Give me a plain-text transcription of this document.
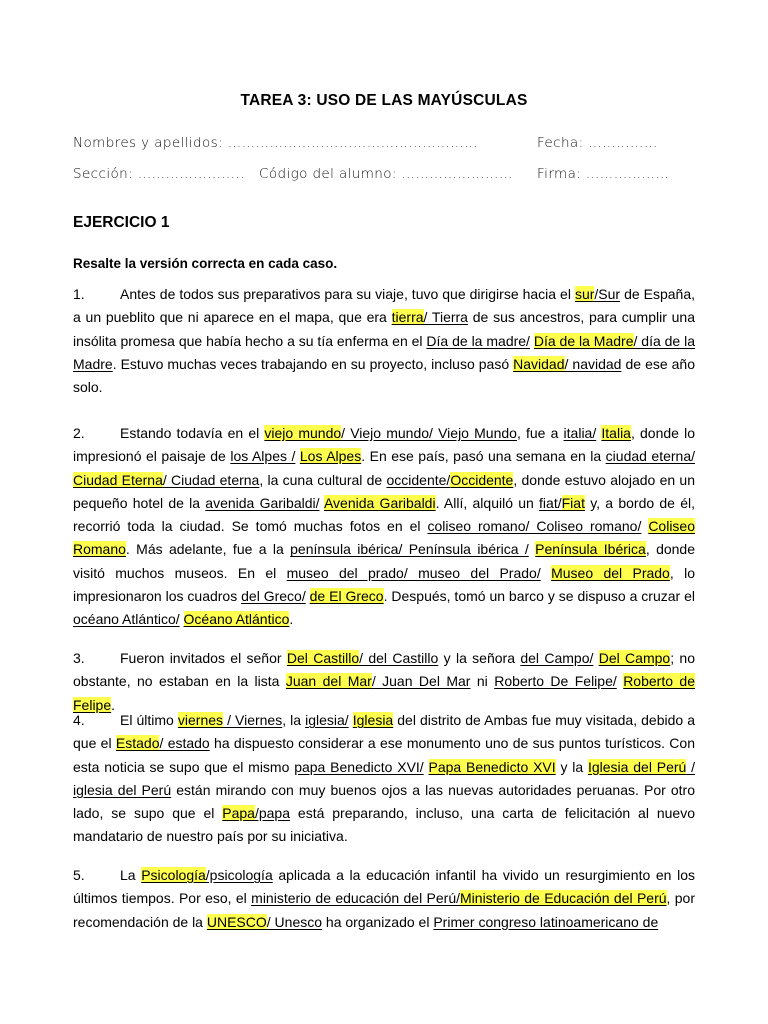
TAREA 3: USO DE LAS MAYÚSCULAS
Nombres y apellidos: ………………………………………………	Fecha: ……………
Sección: ……………........ Código del alumno: …………………… Firma: ………………
EJERCICIO 1
Resalte la versión correcta en cada caso.
1.	Antes de todos sus preparativos para su viaje, tuvo que dirigirse hacia el sur/Sur de España, a un pueblito que ni aparece en el mapa, que era tierra/ Tierra de sus ancestros, para cumplir una insólita promesa que había hecho a su tía enferma en el Día de la madre/ Día de la Madre/ día de la Madre. Estuvo muchas veces trabajando en su proyecto, incluso pasó Navidad/ navidad de ese año solo.
2.	Estando todavía en el viejo mundo/ Viejo mundo/ Viejo Mundo, fue a italia/ Italia, donde lo impresionó el paisaje de los Alpes / Los Alpes. En ese país, pasó una semana en la ciudad eterna/ Ciudad Eterna/ Ciudad eterna, la cuna cultural de occidente/Occidente, donde estuvo alojado en un pequeño hotel de la avenida Garibaldi/ Avenida Garibaldi. Allí, alquiló un fiat/Fiat y, a bordo de él, recorrió toda la ciudad. Se tomó muchas fotos en el coliseo romano/ Coliseo romano/ Coliseo Romano. Más adelante, fue a la península ibérica/ Península ibérica / Península Ibérica, donde visitó muchos museos. En el museo del prado/ museo del Prado/ Museo del Prado, lo impresionaron los cuadros del Greco/ de El Greco. Después, tomó un barco y se dispuso a cruzar el océano Atlántico/ Océano Atlántico.
3.	Fueron invitados el señor Del Castillo/ del Castillo y la señora del Campo/ Del Campo; no obstante, no estaban en la lista Juan del Mar/ Juan Del Mar ni Roberto De Felipe/ Roberto de Felipe.
4.	El último viernes / Viernes, la iglesia/ Iglesia del distrito de Ambas fue muy visitada, debido a que el Estado/ estado ha dispuesto considerar a ese monumento uno de sus puntos turísticos. Con esta noticia se supo que el mismo papa Benedicto XVI/ Papa Benedicto XVI y la Iglesia del Perú / iglesia del Perú están mirando con muy buenos ojos a las nuevas autoridades peruanas. Por otro lado, se supo que el Papa/papa está preparando, incluso, una carta de felicitación al nuevo mandatario de nuestro país por su iniciativa.
5.	La Psicología/psicología aplicada a la educación infantil ha vivido un resurgimiento en los últimos tiempos. Por eso, el ministerio de educación del Perú/Ministerio de Educación del Perú, por recomendación de la UNESCO/ Unesco ha organizado el Primer congreso latinoamericano de
